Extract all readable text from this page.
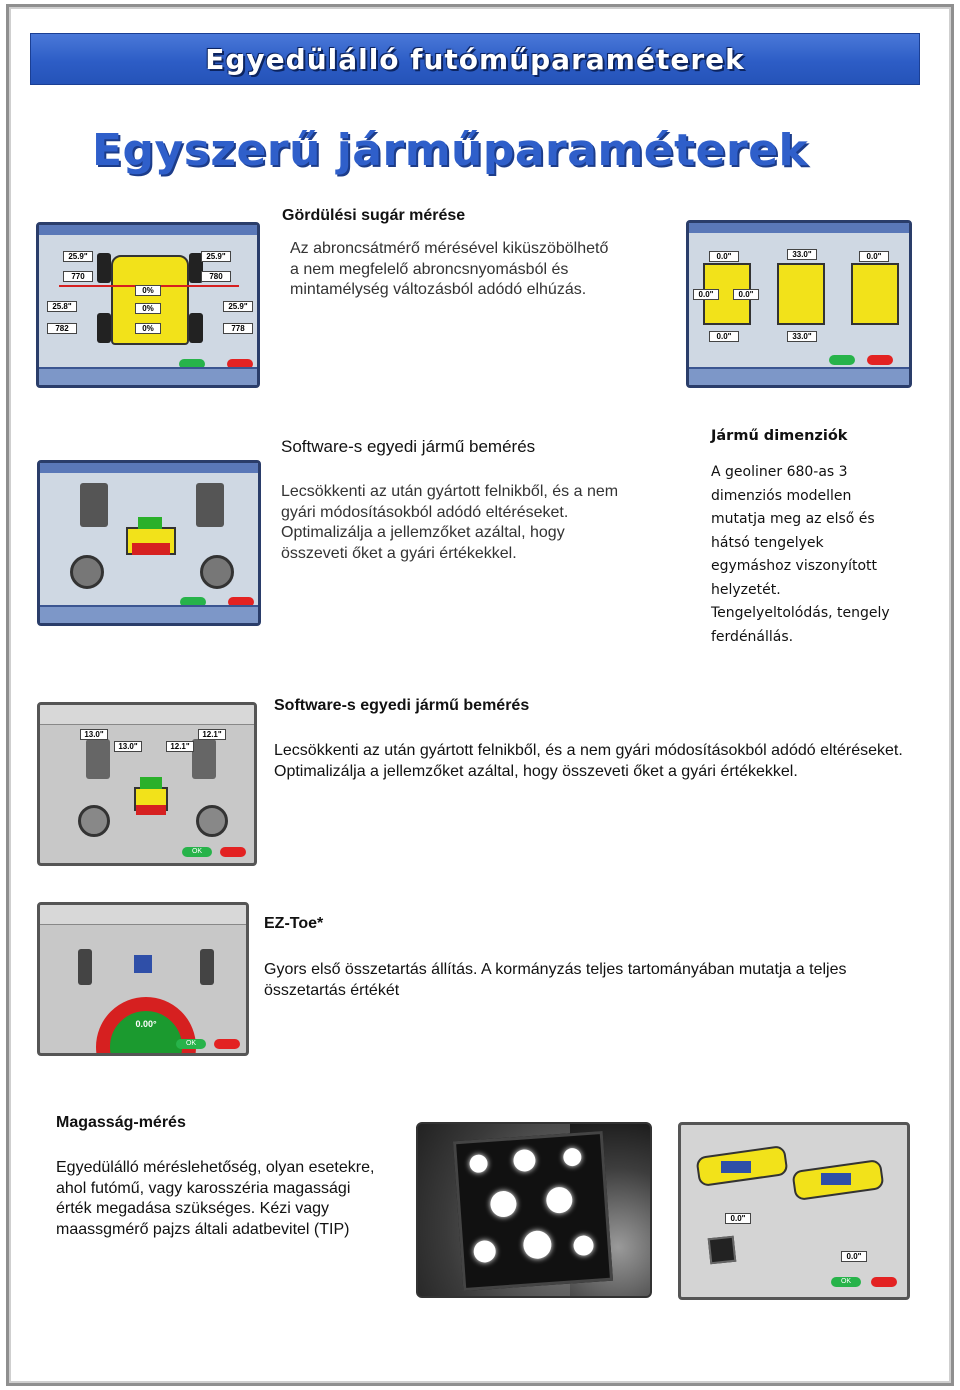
Egyedülálló futóműparaméterek
Egyszerű járműparaméterek
25.9"
770
25.9"
780
25.8"
782
25.9"
778
0%
0%
0%
Gördülési sugár mérése
Az abroncsátmérő mérésével kiküszöbölhető a nem megfelelő abroncsnyomásból és mintamélység változásból adódó elhúzás.
0.0"	33.0"	0.0"
0.0"	0.0"
33.0"
0.0"
Software-s egyedi jármű bemérés
Lecsökkenti az után gyártott felnikből, és a nem gyári módosításokból adódó eltéréseket. Optimalizálja a jellemzőket azáltal, hogy összeveti őket a gyári értékekkel.
Jármű dimenziók
A geoliner 680-as 3 dimenziós modellen mutatja meg az első és hátsó tengelyek egymáshoz viszonyított helyzetét. Tengelyeltolódás, tengely ferdénállás.
13.0"
13.0"	12.1"
12.1"
OK
Software-s egyedi jármű bemérés
Lecsökkenti az után gyártott felnikből, és a nem gyári módosításokból adódó eltéréseket. Optimalizálja a jellemzőket azáltal, hogy összeveti őket a gyári értékekkel.
0.00°
OK
EZ-Toe*
Gyors első összetartás állítás. A kormányzás teljes tartományában mutatja a teljes összetartás értékét
Magasság-mérés
Egyedülálló méréslehetőség, olyan esetekre, ahol futómű, vagy karosszéria magassági érték megadása szükséges. Kézi vagy maassgmérő pajzs általi adatbevitel (TIP)
0.0"
0.0"
OK
